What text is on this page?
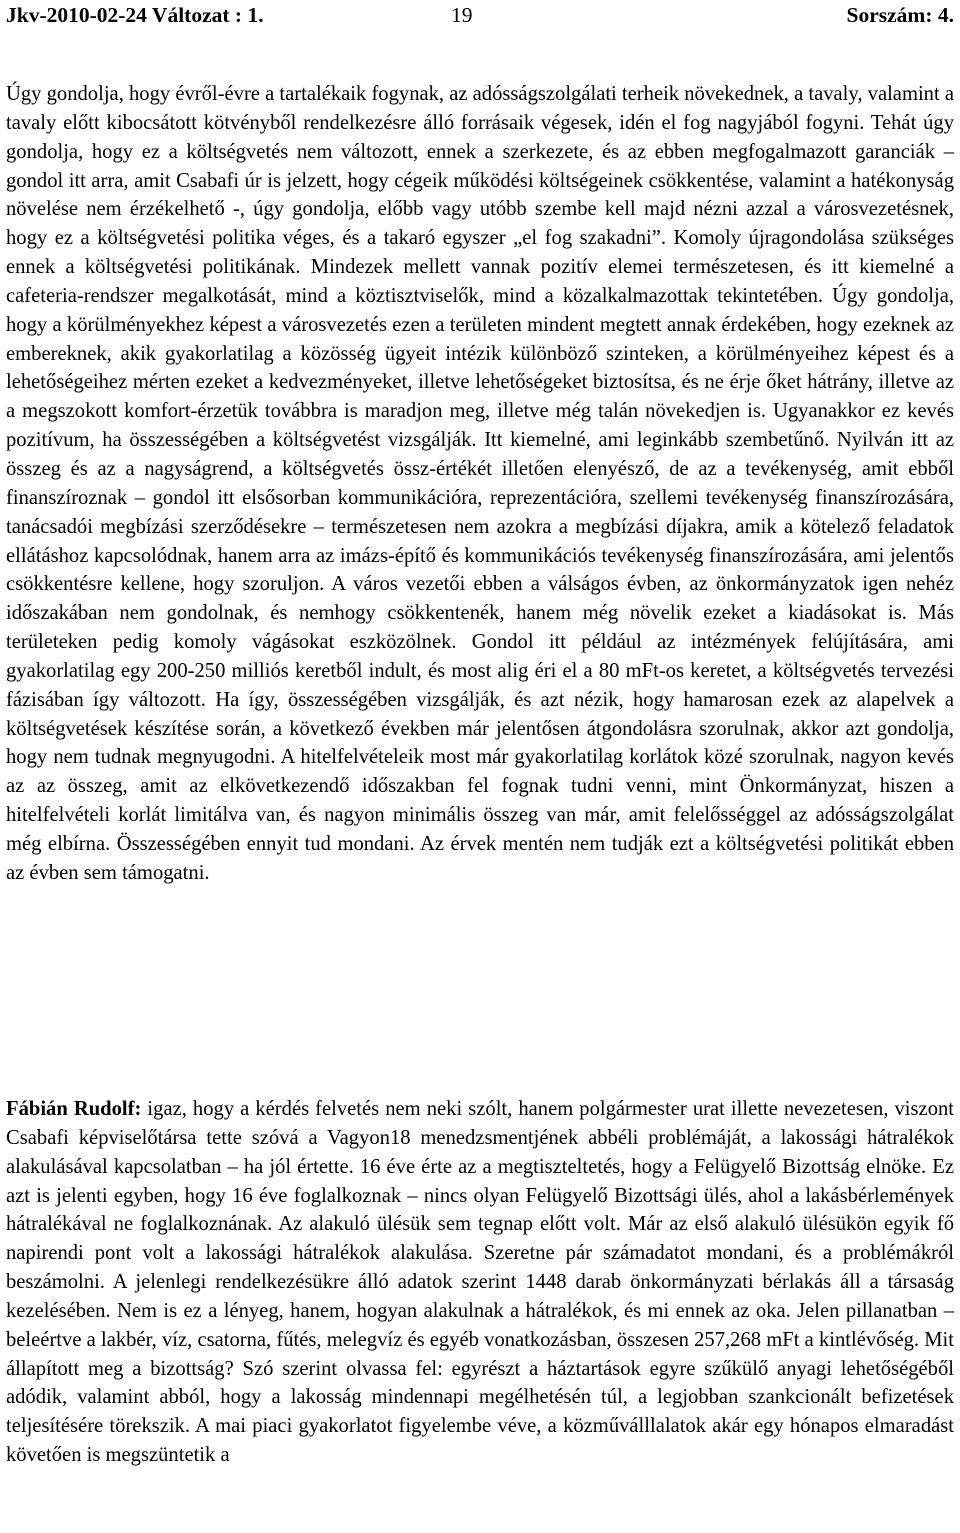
Jkv-2010-02-24 Változat : 1.	19	Sorszám: 4.

Úgy gondolja, hogy évről-évre a tartalékaik fogynak, az adósságszolgálati terheik növekednek, a tavaly, valamint a tavaly előtt kibocsátott kötvényből rendelkezésre álló forrásaik végesek, idén el fog nagyjából fogyni. Tehát úgy gondolja, hogy ez a költségvetés nem változott, ennek a szerkezete, és az ebben megfogalmazott garanciák – gondol itt arra, amit Csabafi úr is jelzett, hogy cégeik működési költségeinek csökkentése, valamint a hatékonyság növelése nem érzékelhető -, úgy gondolja, előbb vagy utóbb szembe kell majd nézni azzal a városvezetésnek, hogy ez a költségvetési politika véges, és a takaró egyszer „el fog szakadni”. Komoly újragondolása szükséges ennek a költségvetési politikának. Mindezek mellett vannak pozitív elemei természetesen, és itt kiemelné a cafeteria-rendszer megalkotását, mind a köztisztviselők, mind a közalkalmazottak tekintetében. Úgy gondolja, hogy a körülményekhez képest a városvezetés ezen a területen mindent megtett annak érdekében, hogy ezeknek az embereknek, akik gyakorlatilag a közösség ügyeit intézik különböző szinteken, a körülményeihez képest és a lehetőségeihez mérten ezeket a kedvezményeket, illetve lehetőségeket biztosítsa, és ne érje őket hátrány, illetve az a megszokott komfort-érzetük továbbra is maradjon meg, illetve még talán növekedjen is. Ugyanakkor ez kevés pozitívum, ha összességében a költségvetést vizsgálják. Itt kiemelné, ami leginkább szembetűnő. Nyilván itt az összeg és az a nagyságrend, a költségvetés össz-értékét illetően elenyésző, de az a tevékenység, amit ebből finanszíroznak – gondol itt elsősorban kommunikációra, reprezentációra, szellemi tevékenység finanszírozására, tanácsadói megbízási szerződésekre – természetesen nem azokra a megbízási díjakra, amik a kötelező feladatok ellátáshoz kapcsolódnak, hanem arra az imázs-építő és kommunikációs tevékenység finanszírozására, ami jelentős csökkentésre kellene, hogy szoruljon. A város vezetői ebben a válságos évben, az önkormányzatok igen nehéz időszakában nem gondolnak, és nemhogy csökkentenék, hanem még növelik ezeket a kiadásokat is. Más területeken pedig komoly vágásokat eszközölnek. Gondol itt például az intézmények felújítására, ami gyakorlatilag egy 200-250 milliós keretből indult, és most alig éri el a 80 mFt-os keretet, a költségvetés tervezési fázisában így változott. Ha így, összességében vizsgálják, és azt nézik, hogy hamarosan ezek az alapelvek a költségvetések készítése során, a következő években már jelentősen átgondolásra szorulnak, akkor azt gondolja, hogy nem tudnak megnyugodni. A hitelfelvételeik most már gyakorlatilag korlátok közé szorulnak, nagyon kevés az az összeg, amit az elkövetkezendő időszakban fel fognak tudni venni, mint Önkormányzat, hiszen a hitelfelvételi korlát limitálva van, és nagyon minimális összeg van már, amit felelősséggel az adósságszolgálat még elbírna. Összességében ennyit tud mondani. Az érvek mentén nem tudják ezt a költségvetési politikát ebben az évben sem támogatni.

Fábián Rudolf: igaz, hogy a kérdés felvetés nem neki szólt, hanem polgármester urat illette nevezetesen, viszont Csabafi képviselőtársa tette szóvá a Vagyon18 menedzsmentjének abbéli problémáját, a lakossági hátralékok alakulásával kapcsolatban – ha jól értette. 16 éve érte az a megtiszteltetés, hogy a Felügyelő Bizottság elnöke. Ez azt is jelenti egyben, hogy 16 éve foglalkoznak – nincs olyan Felügyelő Bizottsági ülés, ahol a lakásbérlemények hátralékával ne foglalkoznának. Az alakuló ülésük sem tegnap előtt volt. Már az első alakuló ülésükön egyik fő napirendi pont volt a lakossági hátralékok alakulása. Szeretne pár számadatot mondani, és a problémákról beszámolni. A jelenlegi rendelkezésükre álló adatok szerint 1448 darab önkormányzati bérlakás áll a társaság kezelésében. Nem is ez a lényeg, hanem, hogyan alakulnak a hátralékok, és mi ennek az oka. Jelen pillanatban – beleértve a lakbér, víz, csatorna, fűtés, melegvíz és egyéb vonatkozásban, összesen 257,268 mFt a kintlévőség. Mit állapított meg a bizottság? Szó szerint olvassa fel: egyrészt a háztartások egyre szűkülő anyagi lehetőségéből adódik, valamint abból, hogy a lakosság mindennapi megélhetésén túl, a legjobban szankcionált befizetések teljesítésére törekszik. A mai piaci gyakorlatot figyelembe véve, a közműválllalatok akár egy hónapos elmaradást követően is megszüntetik a
